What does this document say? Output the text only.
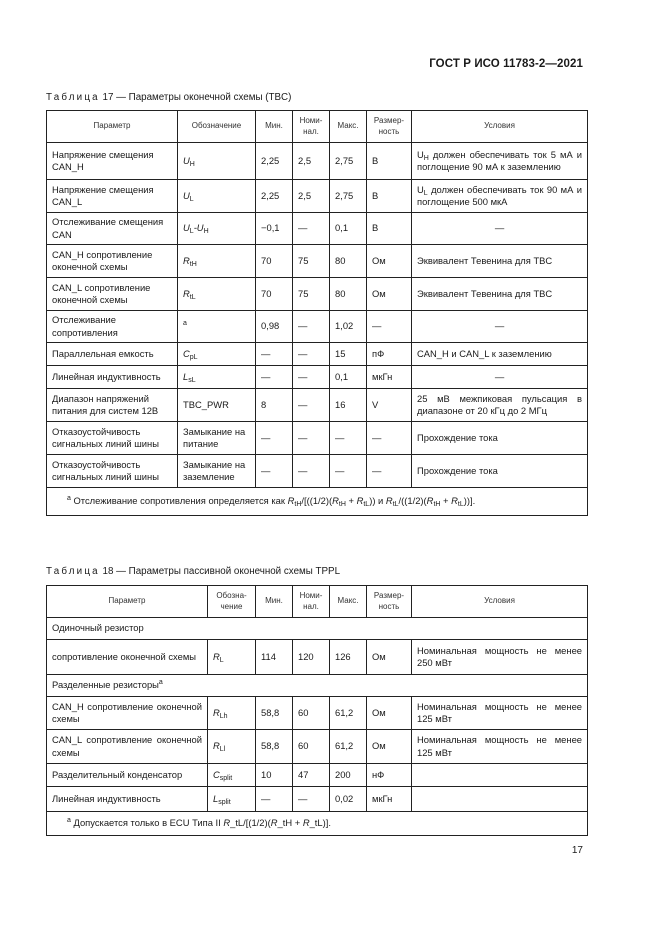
ГОСТ Р ИСО 11783-2—2021
Таблица 17 — Параметры оконечной схемы (TBC)
Параметр	Обозначение	Мин.	Номи-нал.	Макс.	Размер-ность	Условия
Напряжение смещения CAN_H	$U_H$	2,25	2,5	2,75	В	$U_H$ должен обеспечивать ток 5 мА и поглощение 90 мА к заземлению
Напряжение смещения CAN_L	$U_L$	2,25	2,5	2,75	В	$U_L$ должен обеспечивать ток 90 мА и поглощение 500 мкА
Отслеживание смещения CAN	$U_L-U_H$	−0,1	—	0,1	В	—
CAN_H сопротивление оконечной схемы	$R_{tH}$	70	75	80	Ом	Эквивалент Тевенина для TBC
CAN_L сопротивление оконечной схемы	$R_{tL}$	70	75	80	Ом	Эквивалент Тевенина для TBC
Отслеживание сопротивления	$^a$	0,98	—	1,02	—	—
Параллельная емкость	$C_{pL}$	—	—	15	пФ	CAN_H и CAN_L к заземлению
Линейная индуктивность	$L_{sL}$	—	—	0,1	мкГн	—
Диапазон напряжений питания для систем 12В	TBC_PWR	8	—	16	V	25 мВ межпиковая пульсация в диапазоне от 20 кГц до 2 МГц
Отказоустойчивость сигнальных линий шины	Замыкание на питание	—	—	—	—	Прохождение тока
Отказоустойчивость сигнальных линий шины	Замыкание на заземление	—	—	—	—	Прохождение тока
$^a$ Отслеживание сопротивления определяется как $R_{tH}/[((1/2)(R_{tH} + R_{tL}))$ и $R_{tL}/((1/2)(R_{tH} + R_{tL}))$].						
Таблица 18 — Параметры пассивной оконечной схемы TPPL
Параметр	Обозна-чение	Мин.	Номи-нал.	Макс.	Размер-ность	Условия
Одиночный резистор						
сопротивление оконечной схемы	$R_L$	114	120	126	Ом	Номинальная мощность не менее 250 мВт
Разделенные резисторы$^a$
CAN_H сопротивление оконечной схемы	$R_{Lh}$	58,8	60	61,2	Ом	Номинальная мощность не менее 125 мВт
CAN_L сопротивление оконечной схемы	$R_{Ll}$	58,8	60	61,2	Ом	Номинальная мощность не менее 125 мВт
Разделительный конденсатор	$C_{split}$	10	47	200	нФ	
Линейная индуктивность	$L_{split}$	—	—	0,02	мкГн	
$^a$ Допускается только в ECU Типа II R_tL/[(1/2)(R_tH + R_tL)].						
17
